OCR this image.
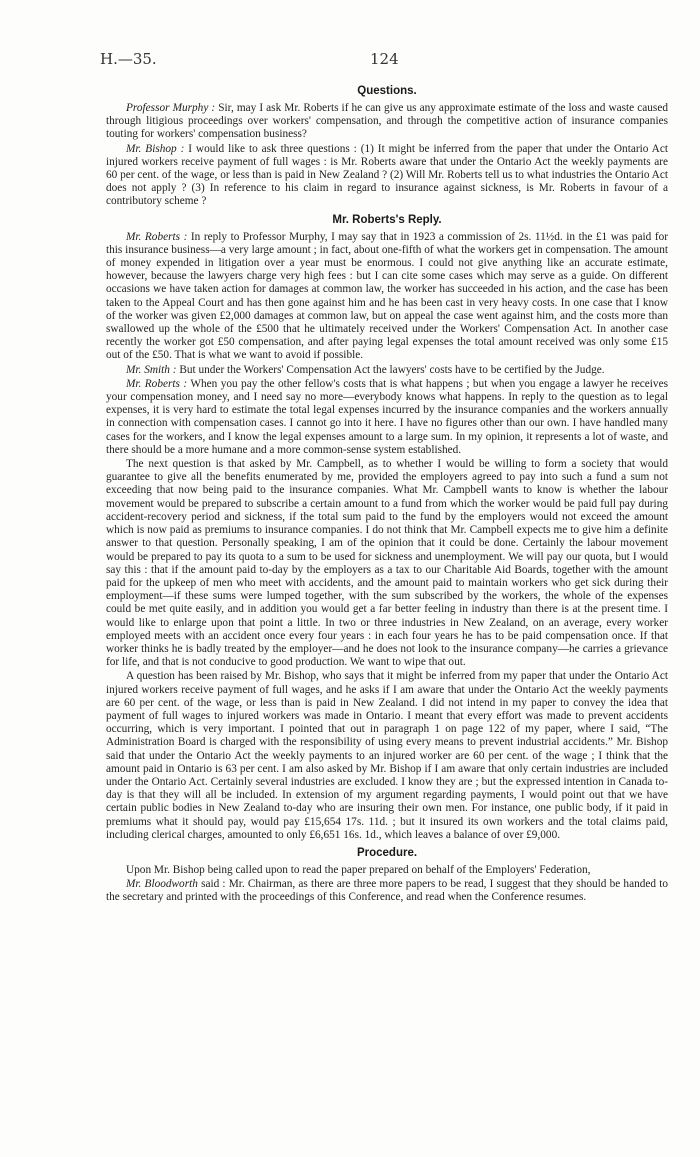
H.—35.	124
Questions.

Professor Murphy : Sir, may I ask Mr. Roberts if he can give us any approximate estimate of the loss and waste caused through litigious proceedings over workers' compensation, and through the competitive action of insurance companies touting for workers' compensation business?

Mr. Bishop : I would like to ask three questions : (1) It might be inferred from the paper that under the Ontario Act injured workers receive payment of full wages : is Mr. Roberts aware that under the Ontario Act the weekly payments are 60 per cent. of the wage, or less than is paid in New Zealand ? (2) Will Mr. Roberts tell us to what industries the Ontario Act does not apply ? (3) In reference to his claim in regard to insurance against sickness, is Mr. Roberts in favour of a contributory scheme ?

Mr. Roberts's Reply.

Mr. Roberts : In reply to Professor Murphy, I may say that in 1923 a commission of 2s. 11½d. in the £1 was paid for this insurance business—a very large amount ; in fact, about one-fifth of what the workers get in compensation. The amount of money expended in litigation over a year must be enormous. I could not give anything like an accurate estimate, however, because the lawyers charge very high fees : but I can cite some cases which may serve as a guide. On different occasions we have taken action for damages at common law, the worker has succeeded in his action, and the case has been taken to the Appeal Court and has then gone against him and he has been cast in very heavy costs. In one case that I know of the worker was given £2,000 damages at common law, but on appeal the case went against him, and the costs more than swallowed up the whole of the £500 that he ultimately received under the Workers' Compensation Act. In another case recently the worker got £50 compensation, and after paying legal expenses the total amount received was only some £15 out of the £50. That is what we want to avoid if possible.

Mr. Smith : But under the Workers' Compensation Act the lawyers' costs have to be certified by the Judge.

Mr. Roberts : When you pay the other fellow's costs that is what happens ; but when you engage a lawyer he receives your compensation money, and I need say no more—everybody knows what happens. In reply to the question as to legal expenses, it is very hard to estimate the total legal expenses incurred by the insurance companies and the workers annually in connection with compensation cases. I cannot go into it here. I have no figures other than our own. I have handled many cases for the workers, and I know the legal expenses amount to a large sum. In my opinion, it represents a lot of waste, and there should be a more humane and a more common-sense system established.

The next question is that asked by Mr. Campbell, as to whether I would be willing to form a society that would guarantee to give all the benefits enumerated by me, provided the employers agreed to pay into such a fund a sum not exceeding that now being paid to the insurance companies. What Mr. Campbell wants to know is whether the labour movement would be prepared to subscribe a certain amount to a fund from which the worker would be paid full pay during accident-recovery period and sickness, if the total sum paid to the fund by the employers would not exceed the amount which is now paid as premiums to insurance companies. I do not think that Mr. Campbell expects me to give him a definite answer to that question. Personally speaking, I am of the opinion that it could be done. Certainly the labour movement would be prepared to pay its quota to a sum to be used for sickness and unemployment. We will pay our quota, but I would say this : that if the amount paid to-day by the employers as a tax to our Charitable Aid Boards, together with the amount paid for the upkeep of men who meet with accidents, and the amount paid to maintain workers who get sick during their employment—if these sums were lumped together, with the sum subscribed by the workers, the whole of the expenses could be met quite easily, and in addition you would get a far better feeling in industry than there is at the present time. I would like to enlarge upon that point a little. In two or three industries in New Zealand, on an average, every worker employed meets with an accident once every four years : in each four years he has to be paid compensation once. If that worker thinks he is badly treated by the employer—and he does not look to the insurance company—he carries a grievance for life, and that is not conducive to good production. We want to wipe that out.

A question has been raised by Mr. Bishop, who says that it might be inferred from my paper that under the Ontario Act injured workers receive payment of full wages, and he asks if I am aware that under the Ontario Act the weekly payments are 60 per cent. of the wage, or less than is paid in New Zealand. I did not intend in my paper to convey the idea that payment of full wages to injured workers was made in Ontario. I meant that every effort was made to prevent accidents occurring, which is very important. I pointed that out in paragraph 1 on page 122 of my paper, where I said, “The Administration Board is charged with the responsibility of using every means to prevent industrial accidents.” Mr. Bishop said that under the Ontario Act the weekly payments to an injured worker are 60 per cent. of the wage ; I think that the amount paid in Ontario is 63 per cent. I am also asked by Mr. Bishop if I am aware that only certain industries are included under the Ontario Act. Certainly several industries are excluded. I know they are ; but the expressed intention in Canada to-day is that they will all be included. In extension of my argument regarding payments, I would point out that we have certain public bodies in New Zealand to-day who are insuring their own men. For instance, one public body, if it paid in premiums what it should pay, would pay £15,654 17s. 11d. ; but it insured its own workers and the total claims paid, including clerical charges, amounted to only £6,651 16s. 1d., which leaves a balance of over £9,000.

Procedure.

Upon Mr. Bishop being called upon to read the paper prepared on behalf of the Employers' Federation,

Mr. Bloodworth said : Mr. Chairman, as there are three more papers to be read, I suggest that they should be handed to the secretary and printed with the proceedings of this Conference, and read when the Conference resumes.
